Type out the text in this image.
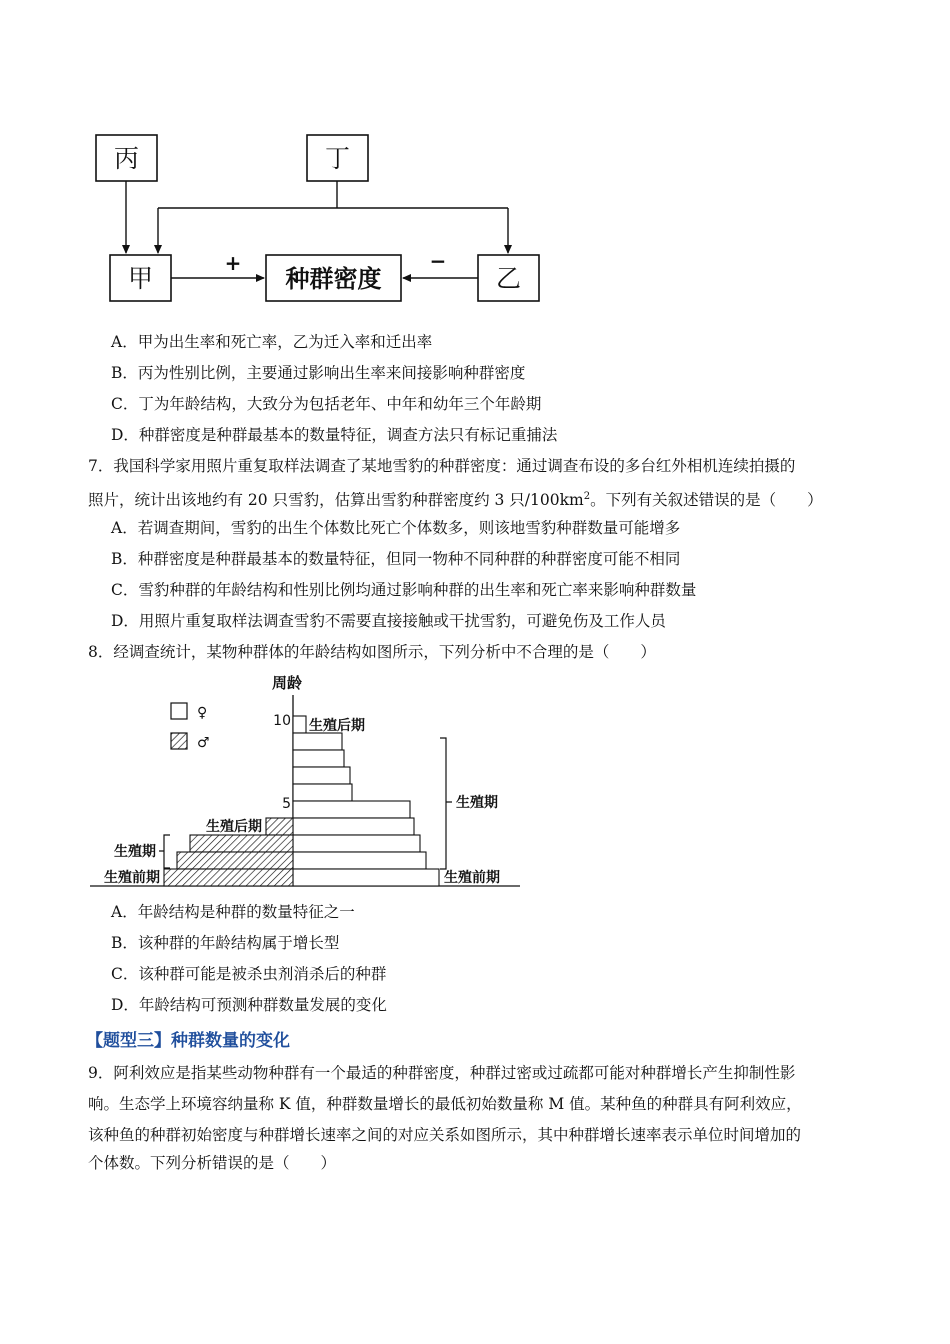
丙	丁
甲	种群密度	乙
+	−
A．甲为出生率和死亡率，乙为迁入率和迁出率
B．丙为性别比例，主要通过影响出生率来间接影响种群密度
C．丁为年龄结构，大致分为包括老年、中年和幼年三个年龄期
D．种群密度是种群最基本的数量特征，调查方法只有标记重捕法
7．我国科学家用照片重复取样法调查了某地雪豹的种群密度：通过调查布设的多台红外相机连续拍摄的
照片，统计出该地约有 20 只雪豹，估算出雪豹种群密度约 3 只$/100km^2$。下列有关叙述错误的是（　　）
A．若调查期间，雪豹的出生个体数比死亡个体数多，则该地雪豹种群数量可能增多
B．种群密度是种群最基本的数量特征，但同一物种不同种群的种群密度可能不相同
C．雪豹种群的年龄结构和性别比例均通过影响种群的出生率和死亡率来影响种群数量
D．用照片重复取样法调查雪豹不需要直接接触或干扰雪豹，可避免伤及工作人员
8．经调查统计，某物种群体的年龄结构如图所示，下列分析中不合理的是（　　）
周龄
10
5
♀
♂
生殖后期
生殖期
生殖前期
生殖后期
生殖期
生殖前期
A．年龄结构是种群的数量特征之一
B．该种群的年龄结构属于增长型
C．该种群可能是被杀虫剂消杀后的种群
D．年龄结构可预测种群数量发展的变化
【题型三】种群数量的变化
9．阿利效应是指某些动物种群有一个最适的种群密度，种群过密或过疏都可能对种群增长产生抑制性影
响。生态学上环境容纳量称 K 值，种群数量增长的最低初始数量称 M 值。某种鱼的种群具有阿利效应，
该种鱼的种群初始密度与种群增长速率之间的对应关系如图所示，其中种群增长速率表示单位时间增加的
个体数。下列分析错误的是（　　）
